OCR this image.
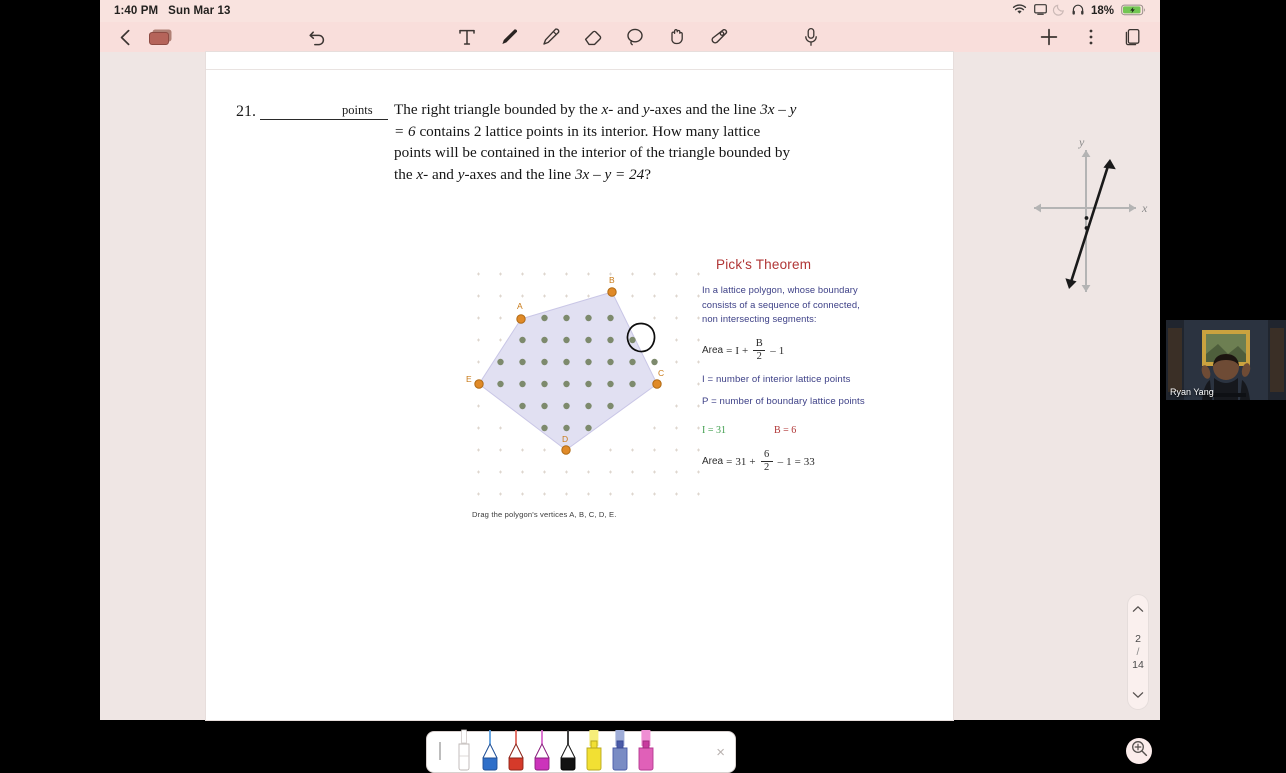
1:40 PM Sun Mar 13	18%
21.	points The right triangle bounded by the x- and y-axes and the line 3x – y = 6 contains 2 lattice points in its interior. How many lattice points will be contained in the interior of the triangle bounded by the x- and y-axes and the line 3x – y = 24?
x
y
A
B
C
D
E
Drag the polygon's vertices A, B, C, D, E.
Pick's Theorem
In a lattice polygon, whose boundary
consists of a sequence of connected,
non intersecting segments:
Area = $I + \frac{B}{2} - 1$
I = number of interior lattice points
P = number of boundary lattice points
I = 31	B = 6
Area = $31 + \frac{6}{2} - 1 = 33$
2
/
14
×
Ryan Yang
